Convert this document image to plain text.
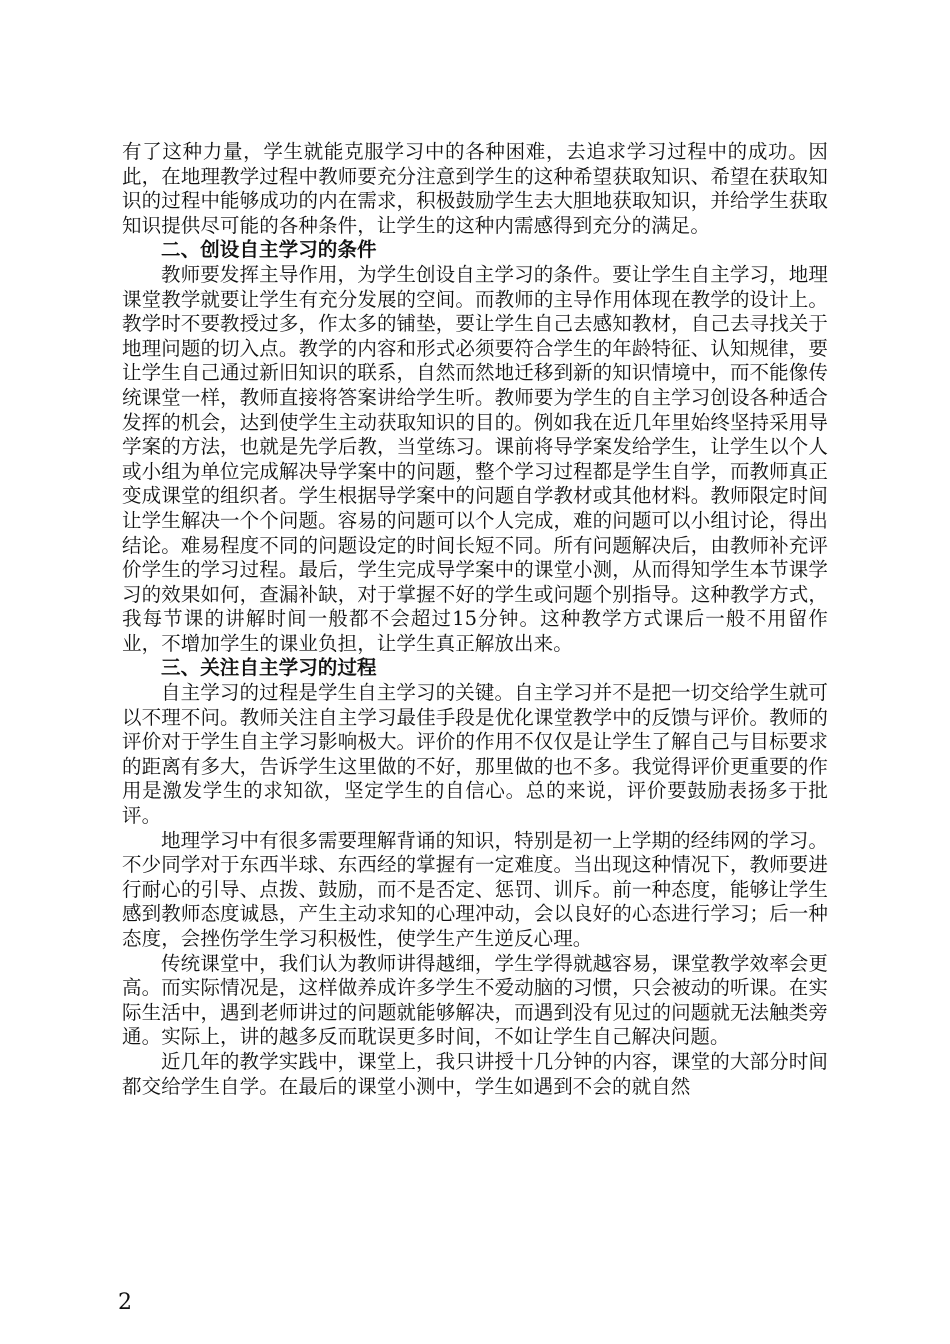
有了这种力量，学生就能克服学习中的各种困难，去追求学习过程中的成功。因此，在地理教学过程中教师要充分注意到学生的这种希望获取知识、希望在获取知识的过程中能够成功的内在需求，积极鼓励学生去大胆地获取知识，并给学生获取知识提供尽可能的各种条件，让学生的这种内需感得到充分的满足。

二、创设自主学习的条件

教师要发挥主导作用，为学生创设自主学习的条件。要让学生自主学习，地理课堂教学就要让学生有充分发展的空间。而教师的主导作用体现在教学的设计上。教学时不要教授过多，作太多的铺垫，要让学生自己去感知教材，自己去寻找关于地理问题的切入点。教学的内容和形式必须要符合学生的年龄特征、认知规律，要让学生自己通过新旧知识的联系，自然而然地迁移到新的知识情境中，而不能像传统课堂一样，教师直接将答案讲给学生听。教师要为学生的自主学习创设各种适合发挥的机会，达到使学生主动获取知识的目的。例如我在近几年里始终坚持采用导学案的方法，也就是先学后教，当堂练习。课前将导学案发给学生，让学生以个人或小组为单位完成解决导学案中的问题，整个学习过程都是学生自学，而教师真正变成课堂的组织者。学生根据导学案中的问题自学教材或其他材料。教师限定时间让学生解决一个个问题。容易的问题可以个人完成，难的问题可以小组讨论，得出结论。难易程度不同的问题设定的时间长短不同。所有问题解决后，由教师补充评价学生的学习过程。最后，学生完成导学案中的课堂小测，从而得知学生本节课学习的效果如何，查漏补缺，对于掌握不好的学生或问题个别指导。这种教学方式，我每节课的讲解时间一般都不会超过15分钟。这种教学方式课后一般不用留作业，不增加学生的课业负担，让学生真正解放出来。

三、关注自主学习的过程

自主学习的过程是学生自主学习的关键。自主学习并不是把一切交给学生就可以不理不问。教师关注自主学习最佳手段是优化课堂教学中的反馈与评价。教师的评价对于学生自主学习影响极大。评价的作用不仅仅是让学生了解自己与目标要求的距离有多大，告诉学生这里做的不好，那里做的也不多。我觉得评价更重要的作用是激发学生的求知欲，坚定学生的自信心。总的来说，评价要鼓励表扬多于批评。

地理学习中有很多需要理解背诵的知识，特别是初一上学期的经纬网的学习。不少同学对于东西半球、东西经的掌握有一定难度。当出现这种情况下，教师要进行耐心的引导、点拨、鼓励，而不是否定、惩罚、训斥。前一种态度，能够让学生感到教师态度诚恳，产生主动求知的心理冲动，会以良好的心态进行学习；后一种态度，会挫伤学生学习积极性，使学生产生逆反心理。

传统课堂中，我们认为教师讲得越细，学生学得就越容易，课堂教学效率会更高。而实际情况是，这样做养成许多学生不爱动脑的习惯，只会被动的听课。在实际生活中，遇到老师讲过的问题就能够解决，而遇到没有见过的问题就无法触类旁通。实际上，讲的越多反而耽误更多时间，不如让学生自己解决问题。

近几年的教学实践中，课堂上，我只讲授十几分钟的内容，课堂的大部分时间都交给学生自学。在最后的课堂小测中，学生如遇到不会的就自然

2
